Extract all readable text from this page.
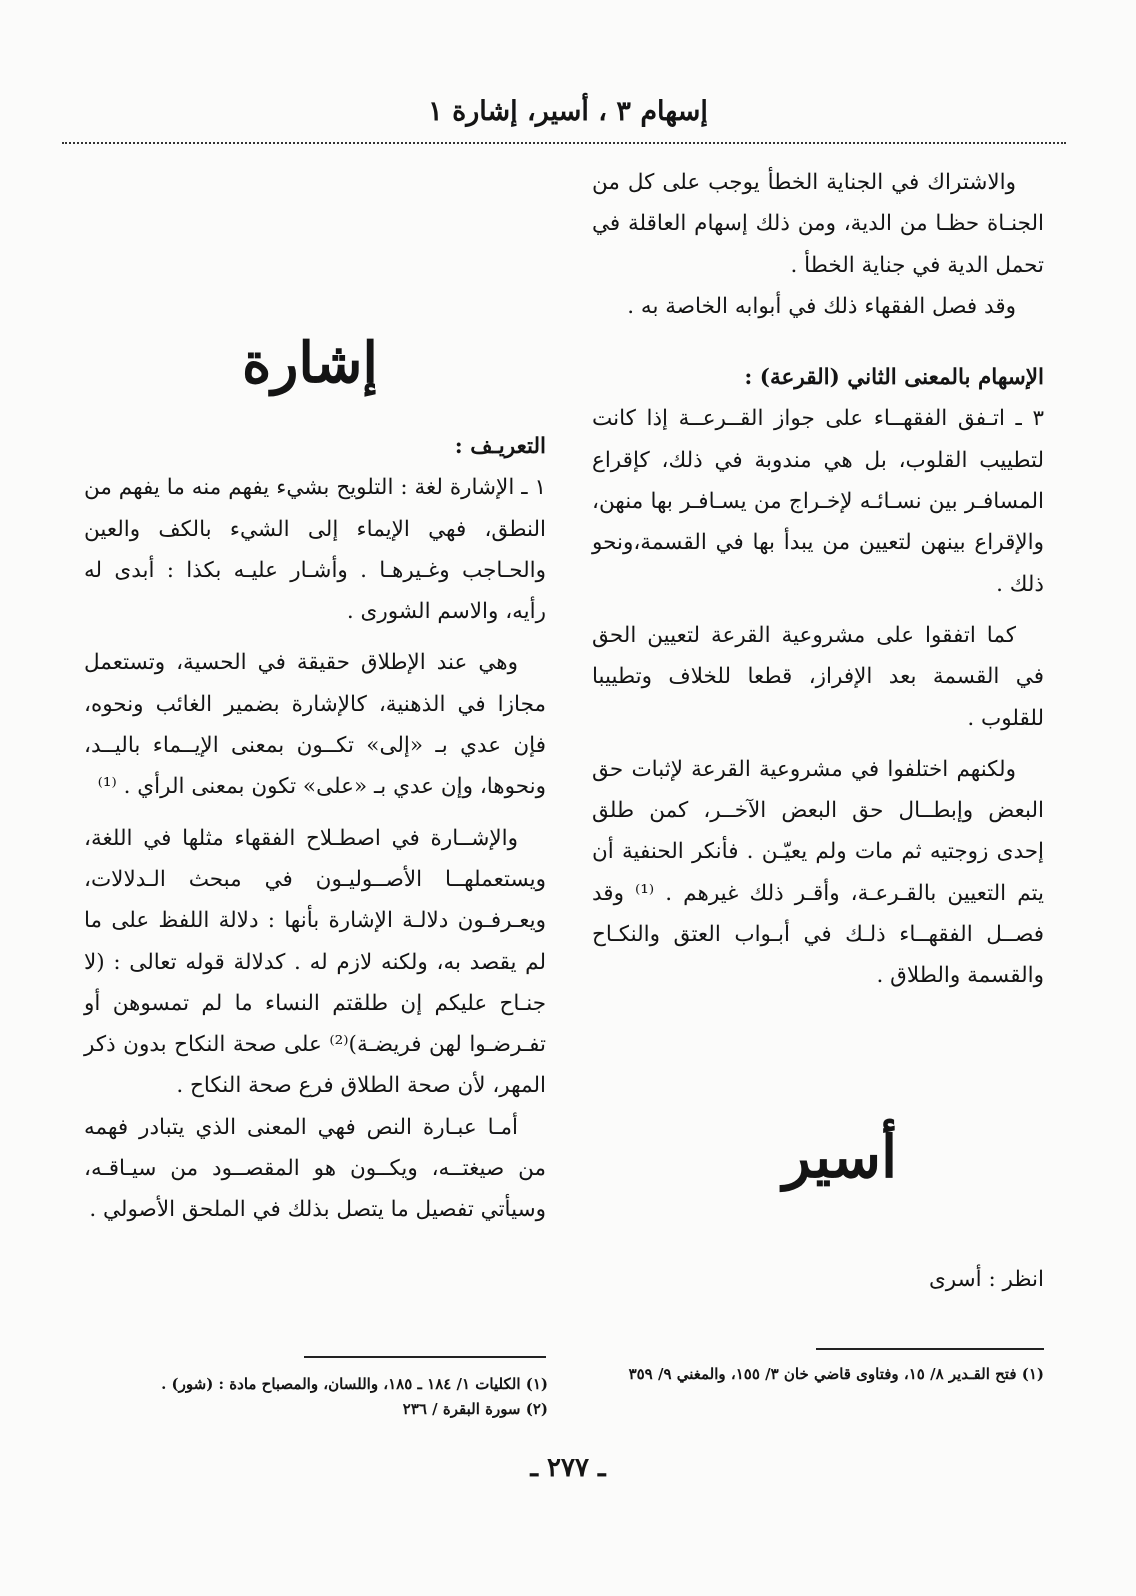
إسهام ٣ ، أسير، إشارة ١

والاشتراك في الجناية الخطأ يوجب على كل من الجنـاة حظـا من الدية، ومن ذلك إسهام العاقلة في تحمل الدية في جناية الخطأ .

وقد فصل الفقهاء ذلك في أبوابه الخاصة به .

الإسهام بالمعنى الثاني (القرعة) :

٣ ـ اتـفق الفقهــاء على جواز القــرعــة إذا كانت لتطييب القلوب، بل هي مندوبة في ذلك، كإقراع المسافـر بين نسـائـه لإخـراج من يسـافـر بها منهن، والإقراع بينهن لتعيين من يبدأ بها في القسمة،ونحو ذلك .

كما اتفقوا على مشروعية القرعة لتعيين الحق في القسمة بعد الإفراز، قطعا للخلاف وتطييبا للقلوب .

ولكنهم اختلفوا في مشروعية القرعة لإثبات حق البعض وإبطــال حق البعض الآخــر، كمن طلق إحدى زوجتيه ثم مات ولم يعيّـن . فأنكر الحنفية أن يتم التعيين بالقـرعـة، وأقـر ذلك غيرهم . ⁽¹⁾ وقد فصــل الفقهــاء ذلـك في أبـواب العتق والنكـاح والقسمة والطلاق .

أسير
انظر : أسرى
إشارة

التعريـف :

١ ـ الإشارة لغة : التلويح بشيء يفهم منه ما يفهم من النطق، فهي الإيماء إلى الشيء بالكف والعين والحـاجب وغـيرهـا . وأشـار عليـه بكذا : أبدى له رأيه، والاسم الشورى .

وهي عند الإطلاق حقيقة في الحسية، وتستعمل مجازا في الذهنية، كالإشارة بضمير الغائب ونحوه، فإن عدي بـ «إلى» تكــون بمعنى الإيــماء باليــد، ونحوها، وإن عدي بـ «على» تكون بمعنى الرأي . ⁽¹⁾

والإشــارة في اصطـلاح الفقهاء مثلها في اللغة، ويستعملهــا الأصــوليـون في مبحث الـدلالات، ويعـرفـون دلالـة الإشارة بأنها : دلالة اللفظ على ما لم يقصد به، ولكنه لازم له . كدلالة قوله تعالى : (لا جنـاح عليكم إن طلقتم النساء ما لم تمسوهن أو تفـرضـوا لهن فريضـة)⁽²⁾ على صحة النكاح بدون ذكر المهر، لأن صحة الطلاق فرع صحة النكاح .

أمـا عبـارة النص فهي المعنى الذي يتبادر فهمه من صيغتــه، ويكــون هو المقصــود من سيـاقـه، وسيأتي تفصيل ما يتصل بذلك في الملحق الأصولي .

(١) فتح القـدير ٨/ ١٥، وفتاوى قاضي خان ٣/ ١٥٥، والمغني ٩/ ٣٥٩

(١) الكليات ١/ ١٨٤ ـ ١٨٥، واللسان، والمصباح مادة : (شور) .

(٢) سورة البقرة / ٢٣٦

ـ ٢٧٧ ـ
